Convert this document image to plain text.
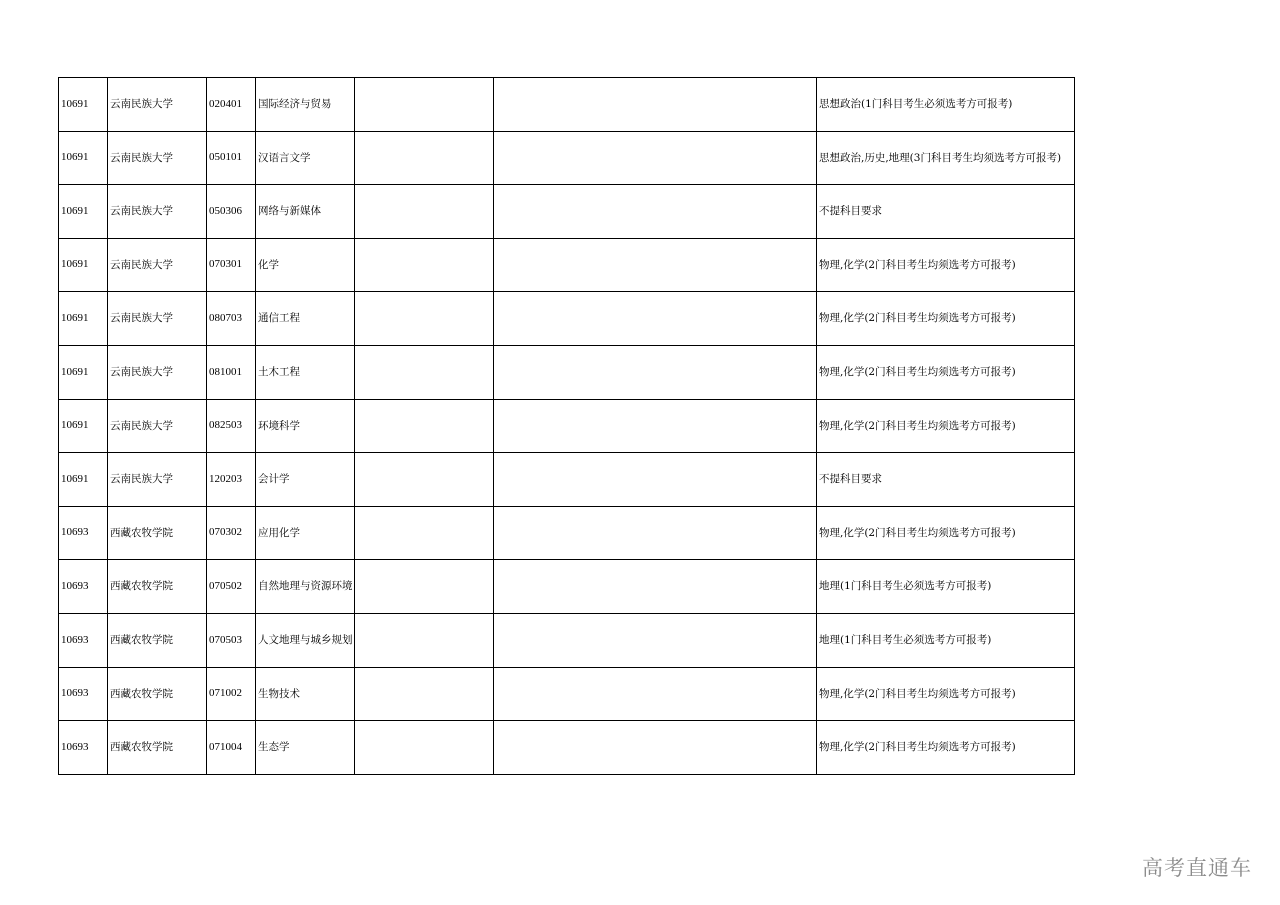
10691	云南民族大学	020401	国际经济与贸易			思想政治(1门科目考生必须选考方可报考)
10691	云南民族大学	050101	汉语言文学			思想政治,历史,地理(3门科目考生均须选考方可报考)
10691	云南民族大学	050306	网络与新媒体			不提科目要求
10691	云南民族大学	070301	化学			物理,化学(2门科目考生均须选考方可报考)
10691	云南民族大学	080703	通信工程			物理,化学(2门科目考生均须选考方可报考)
10691	云南民族大学	081001	土木工程			物理,化学(2门科目考生均须选考方可报考)
10691	云南民族大学	082503	环境科学			物理,化学(2门科目考生均须选考方可报考)
10691	云南民族大学	120203	会计学			不提科目要求
10693	西藏农牧学院	070302	应用化学			物理,化学(2门科目考生均须选考方可报考)
10693	西藏农牧学院	070502	自然地理与资源环境			地理(1门科目考生必须选考方可报考)
10693	西藏农牧学院	070503	人文地理与城乡规划			地理(1门科目考生必须选考方可报考)
10693	西藏农牧学院	071002	生物技术			物理,化学(2门科目考生均须选考方可报考)
10693	西藏农牧学院	071004	生态学			物理,化学(2门科目考生均须选考方可报考)
高考直通车
